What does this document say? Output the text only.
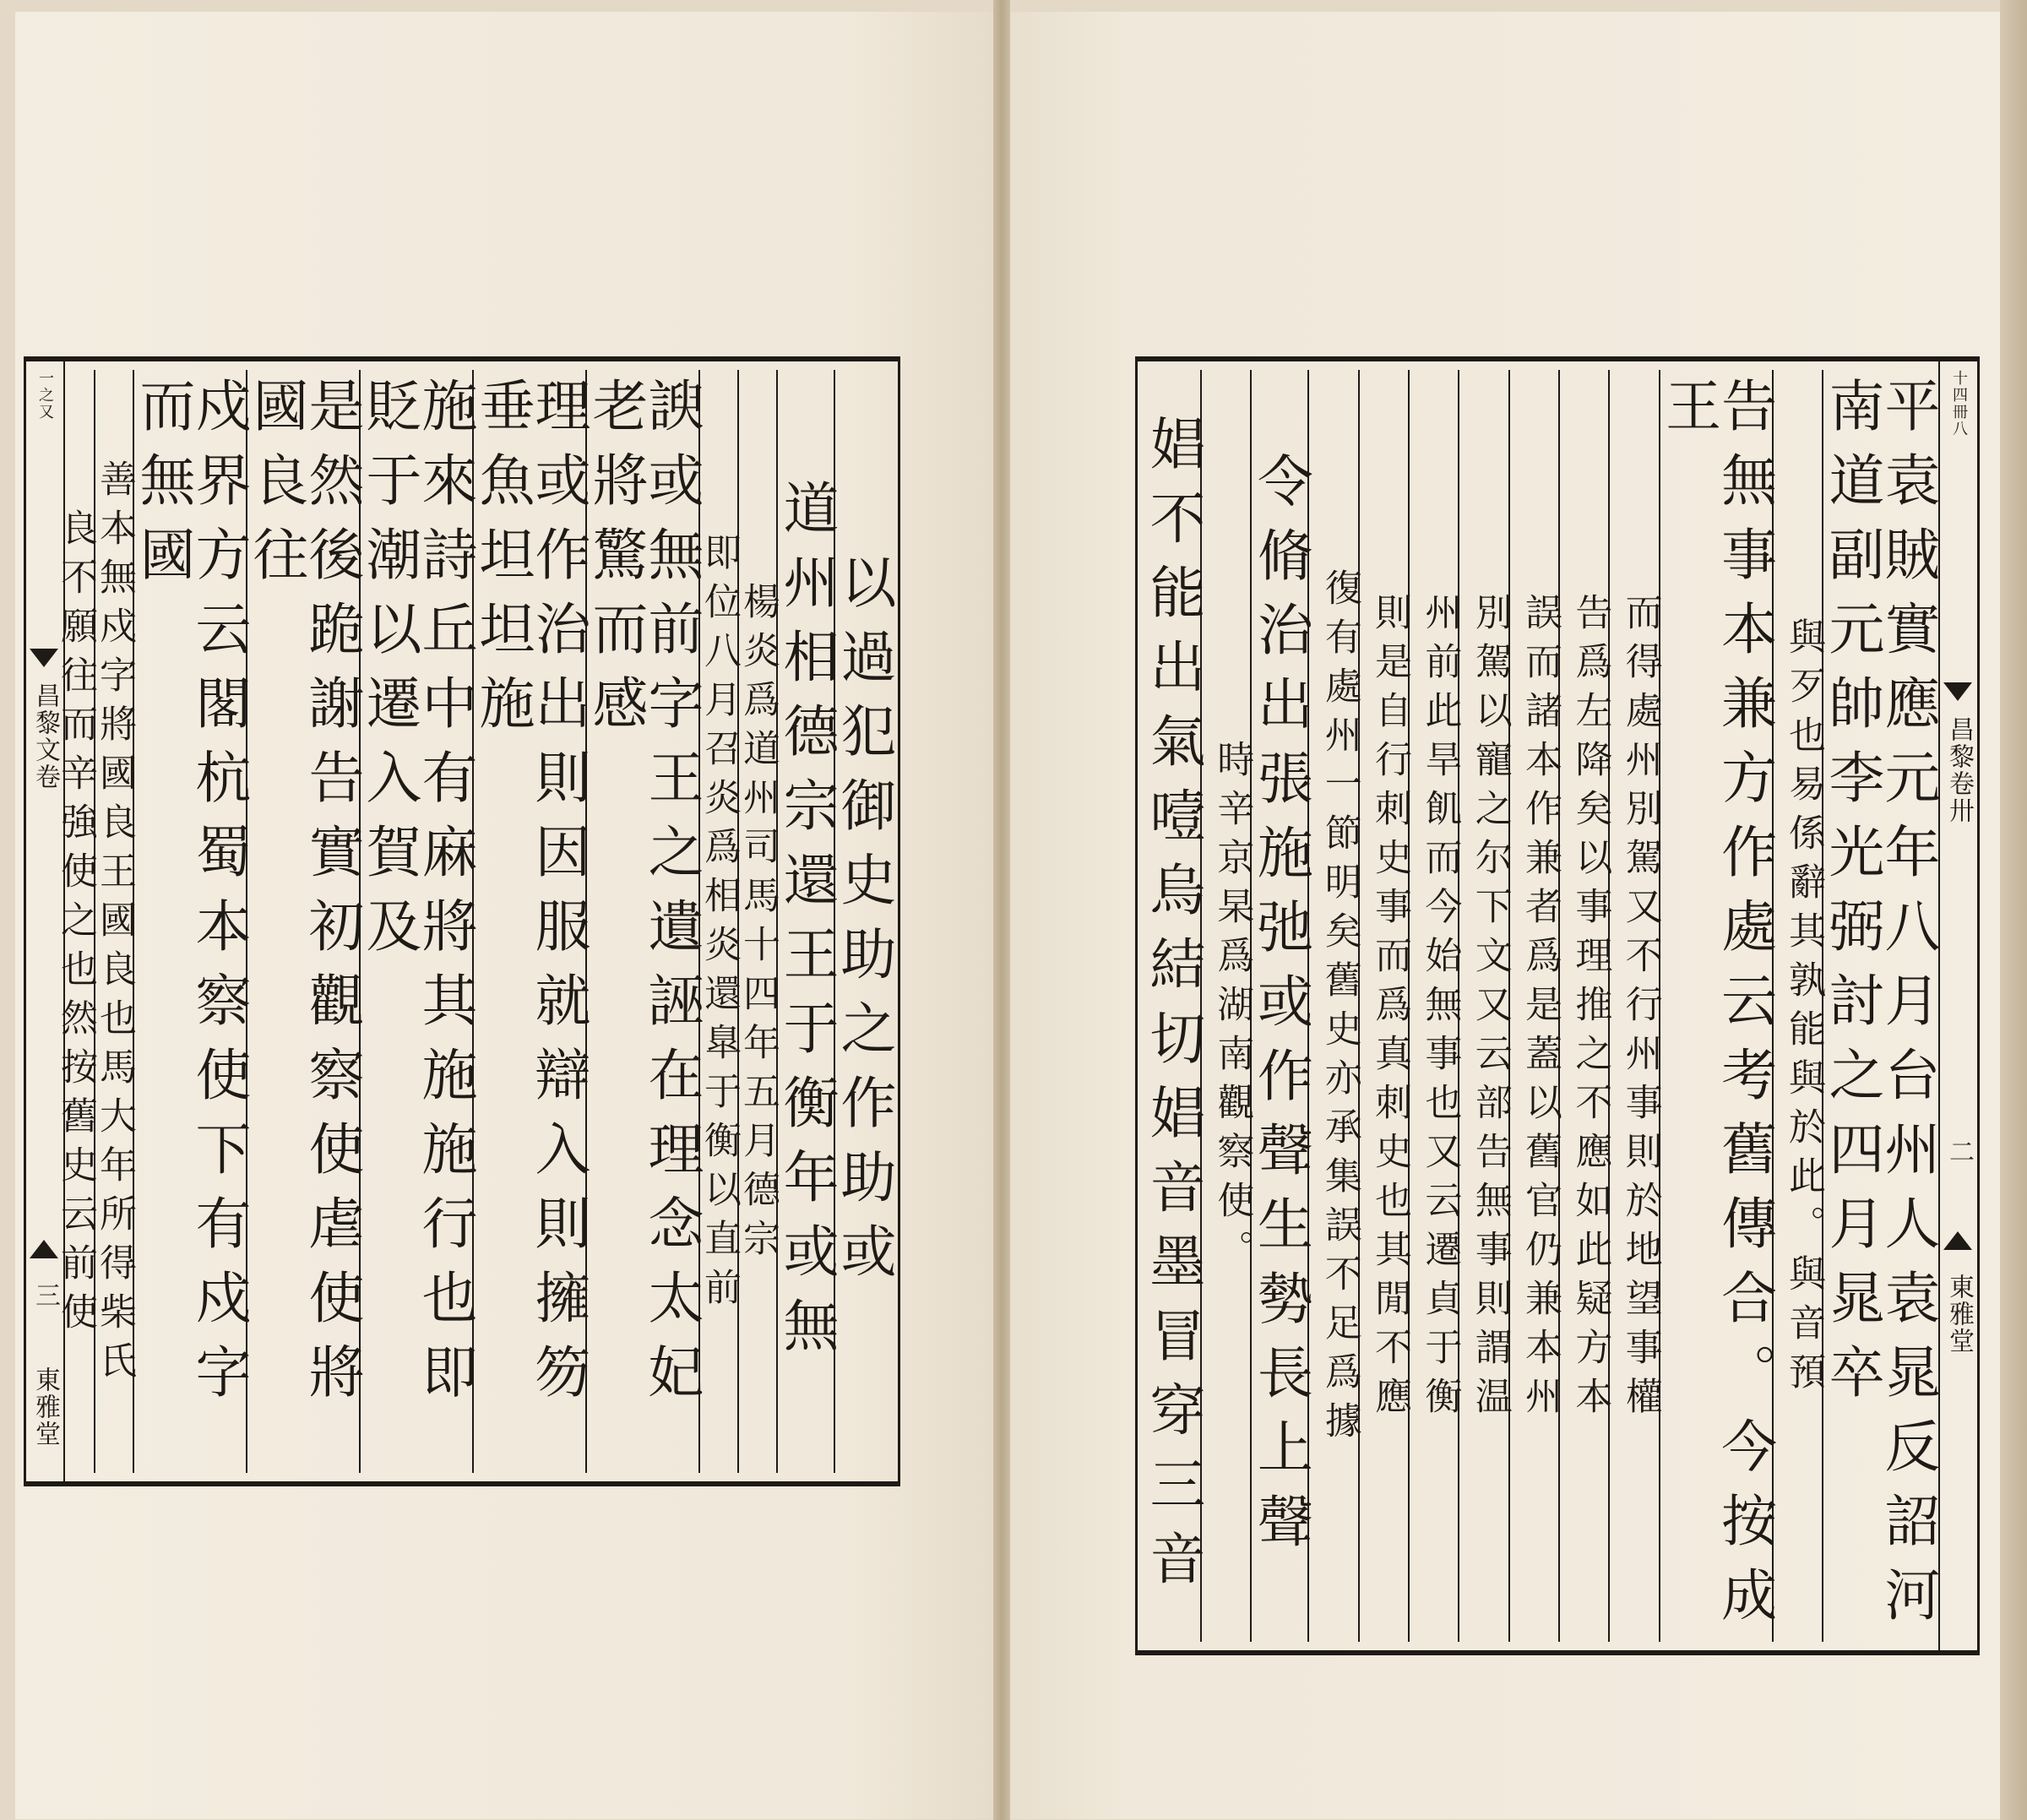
一之又
昌黎文卷
三
東雅堂
以過犯御史助之作助或
道州相德宗還王于衡年或無
楊炎爲道州司馬十四年五月德宗
即位八月召炎爲相炎還臯于衡以直前
諛或無前字王之遺誣在理念太妃老將驚而感
理或作治出則因服就辯入則擁笏垂魚坦坦施
施來詩丘中有麻將其施施行也即貶于潮以遷入賀及
是然後跪謝告實初觀察使虐使將國良往
戍界方云閣杭蜀本察使下有戍字而無國
善本無戍字將國良王國良也馬大年所得柴氏
良不願往而辛強使之也然按舊史云前使
十四冊八
昌黎卷卅
二
東雅堂
平袁賊實應元年八月台州人袁晁反詔河南道副元帥李光弼討之四月晁卒
與歹也易係辭其孰能與於此。與音預
告無事本兼方作處云考舊傳合。今按成王
而得處州別駕又不行州事則於地望事權
告爲左降矣以事理推之不應如此疑方本
誤而諸本作兼者爲是蓋以舊官仍兼本州
別駕以寵之尔下文又云部告無事則謂温
州前此旱飢而今始無事也又云遷貞于衡
則是自行刺史事而爲真刺史也其閒不應
復有處州一節明矣舊史亦承集誤不足爲據
令脩治出張施弛或作聲生勢長上聲
時辛京杲爲湖南觀察使。
娼不能出氣噎烏結切娼音墨冒穿三音
